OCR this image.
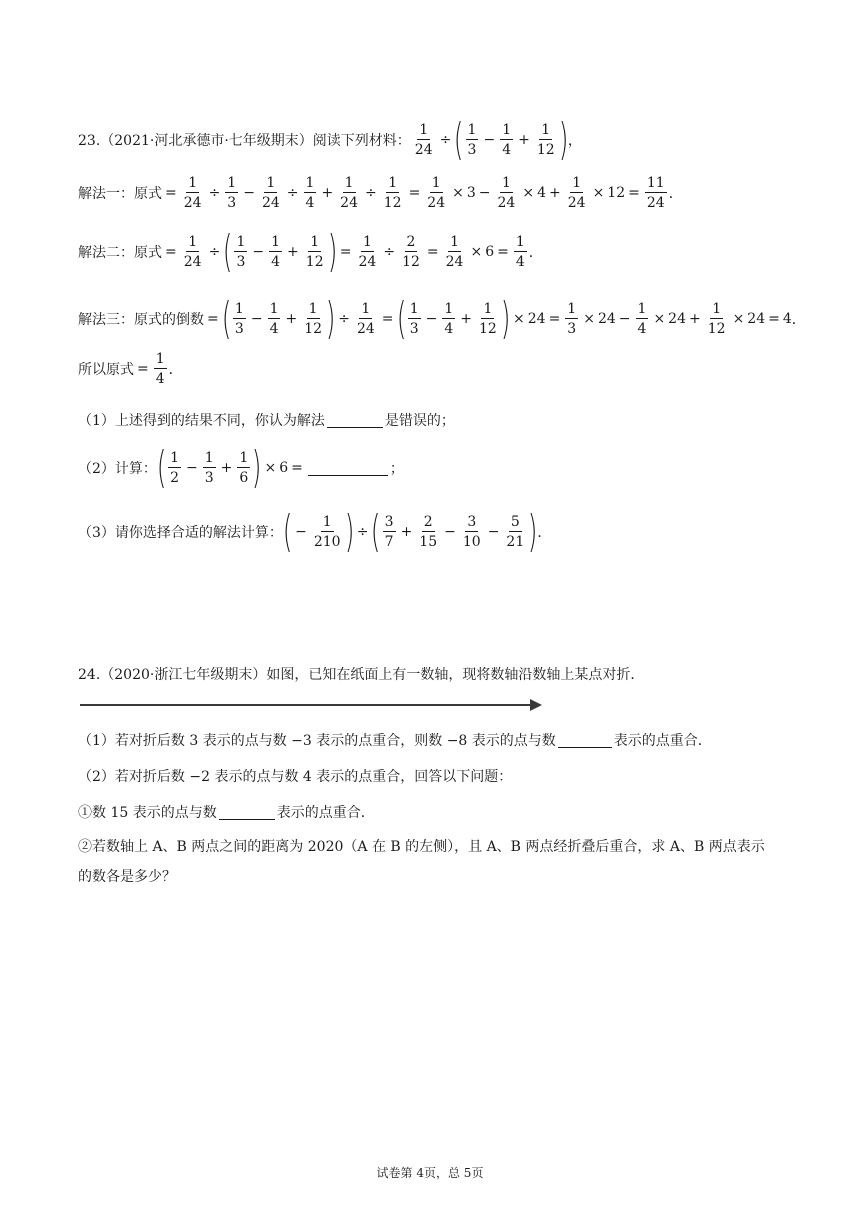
23.（2021·河北承德市·七年级期末）阅读下列材料： $\frac{1}{24}$ ÷ ( $\frac{1}{3} - \frac{1}{4} + \frac{1}{12}$ ) ，
解法一：原式 = $\frac{1}{24} \div \frac{1}{3} - \frac{1}{24} \div \frac{1}{4} + \frac{1}{24} \div \frac{1}{12} = \frac{1}{24} \times 3 - \frac{1}{24} \times 4 + \frac{1}{24} \times 12 = \frac{11}{24}$ ．
解法二：原式 = $\frac{1}{24}$ ÷ ( $\frac{1}{3} - \frac{1}{4} + \frac{1}{12}$ ) = $\frac{1}{24} \div \frac{2}{12} = \frac{1}{24} \times 6 = \frac{1}{4}$ ．
解法三：原式的倒数 = ( $\frac{1}{3} - \frac{1}{4} + \frac{1}{12}$ ) ÷ $\frac{1}{24}$ = ( $\frac{1}{3} - \frac{1}{4} + \frac{1}{12}$ ) × $24 = \frac{1}{3} \times 24 - \frac{1}{4} \times 24 + \frac{1}{12} \times 24 = 4$ ．
所以原式 = $\frac{1}{4}$ ．
（1）上述得到的结果不同，你认为解法	是错误的；
（2）计算： ( $\frac{1}{2} - \frac{1}{3} + \frac{1}{6}$ ) × 6 =	；
（3）请你选择合适的解法计算： ( − $\frac{1}{210}$ ) ÷ ( $\frac{3}{7} + \frac{2}{15} - \frac{3}{10} - \frac{5}{21}$ ) ．
24.（2020·浙江七年级期末）如图，已知在纸面上有一数轴，现将数轴沿数轴上某点对折．
（1）若对折后数 3 表示的点与数 −3 表示的点重合，则数 −8 表示的点与数	表示的点重合．
（2）若对折后数 −2 表示的点与数 4 表示的点重合，回答以下问题：
①数 15 表示的点与数	表示的点重合．
②若数轴上 A、B 两点之间的距离为 2020（A 在 B 的左侧），且 A、B 两点经折叠后重合，求 A、B 两点表示
的数各是多少？
试卷第 4页，总 5页
